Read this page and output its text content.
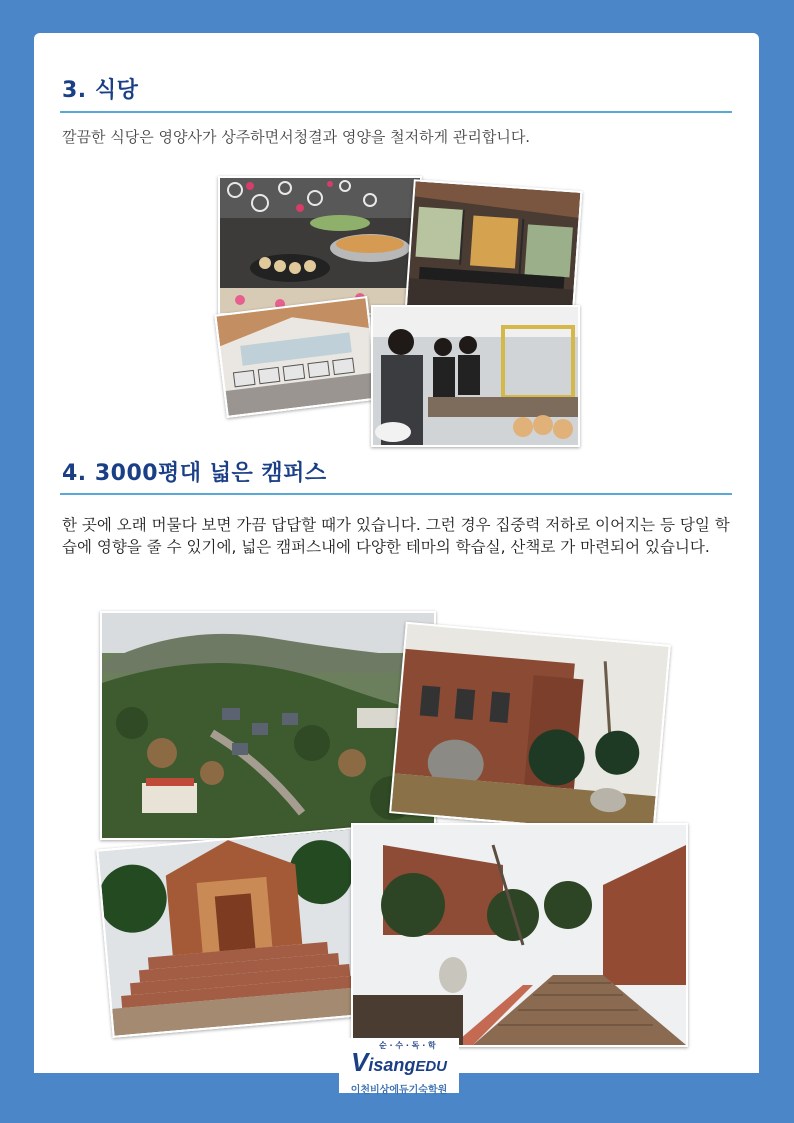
3. 식당

깔끔한 식당은 영양사가 상주하면서청결과 영양을 철저하게 관리합니다.

4. 3000평대 넓은 캠퍼스

한 곳에 오래 머물다 보면 가끔 답답할 때가 있습니다. 그런 경우 집중력 저하로 이어지는 등 당일 학습에 영향을 줄 수 있기에, 넓은 캠퍼스내에 다양한 테마의 학습실, 산책로 가 마련되어 있습니다.

순 · 수 · 독 · 학
VisangEDU
이천비상에듀기숙학원
